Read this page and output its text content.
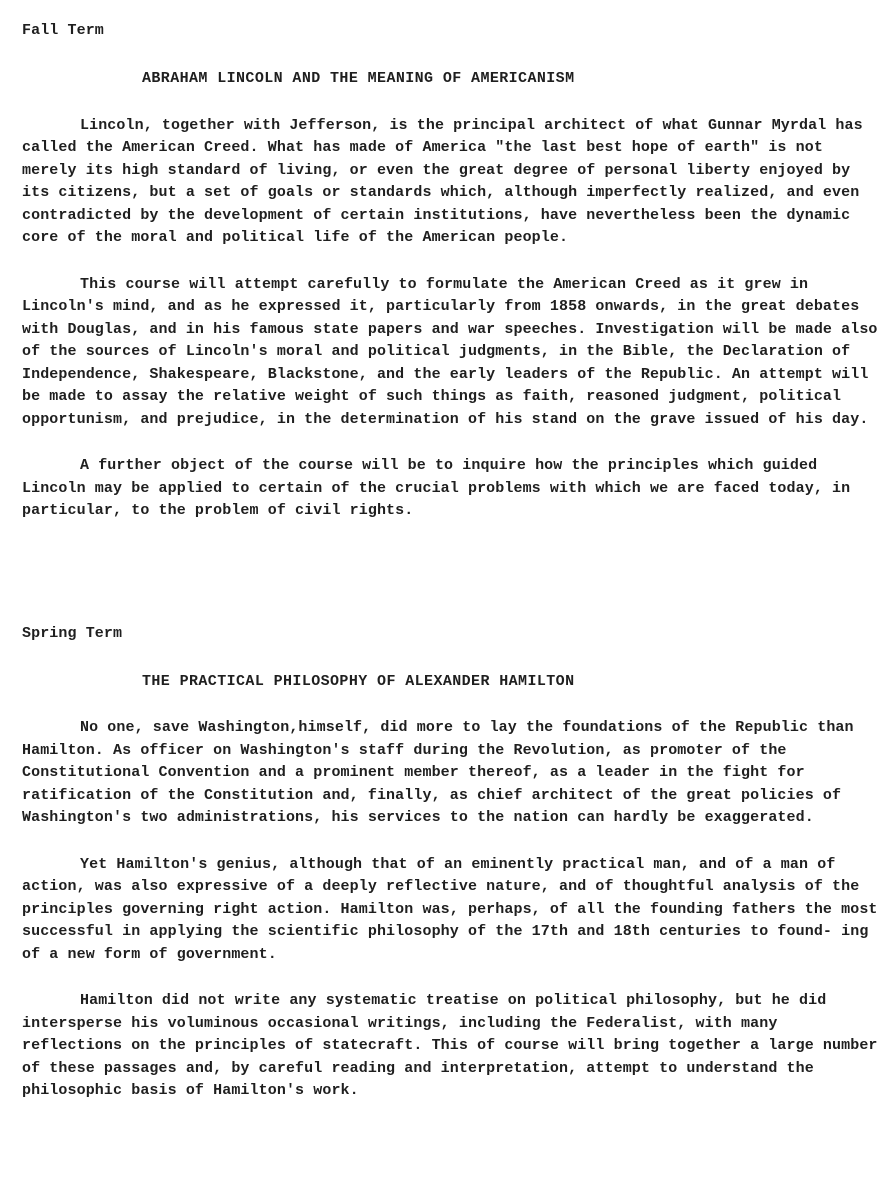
Fall Term

ABRAHAM LINCOLN AND THE MEANING OF AMERICANISM

Lincoln, together with Jefferson, is the principal architect of what Gunnar Myrdal has called the American Creed. What has made of America "the last best hope of earth" is not merely its high standard of living, or even the great degree of personal liberty enjoyed by its citizens, but a set of goals or standards which, although imperfectly realized, and even contradicted by the development of certain institutions, have nevertheless been the dynamic core of the moral and political life of the American people.

This course will attempt carefully to formulate the American Creed as it grew in Lincoln's mind, and as he expressed it, particularly from 1858 onwards, in the great debates with Douglas, and in his famous state papers and war speeches. Investigation will be made also of the sources of Lincoln's moral and political judgments, in the Bible, the Declaration of Independence, Shakespeare, Blackstone, and the early leaders of the Republic. An attempt will be made to assay the relative weight of such things as faith, reasoned judgment, political opportunism, and prejudice, in the determination of his stand on the grave issued of his day.

A further object of the course will be to inquire how the principles which guided Lincoln may be applied to certain of the crucial problems with which we are faced today, in particular, to the problem of civil rights.

Spring Term

THE PRACTICAL PHILOSOPHY OF ALEXANDER HAMILTON

No one, save Washington,himself, did more to lay the foundations of the Republic than Hamilton. As officer on Washington's staff during the Revolution, as promoter of the Constitutional Convention and a prominent member thereof, as a leader in the fight for ratification of the Constitution and, finally, as chief architect of the great policies of Washington's two administrations, his services to the nation can hardly be exaggerated.

Yet Hamilton's genius, although that of an eminently practical man, and of a man of action, was also expressive of a deeply reflective nature, and of thoughtful analysis of the principles governing right action. Hamilton was, perhaps, of all the founding fathers the most successful in applying the scientific philosophy of the 17th and 18th centuries to found- ing of a new form of government.

Hamilton did not write any systematic treatise on political philosophy, but he did intersperse his voluminous occasional writings, including the Federalist, with many reflections on the principles of statecraft. This of course will bring together a large number of these passages and, by careful reading and interpretation, attempt to understand the philosophic basis of Hamilton's work.
